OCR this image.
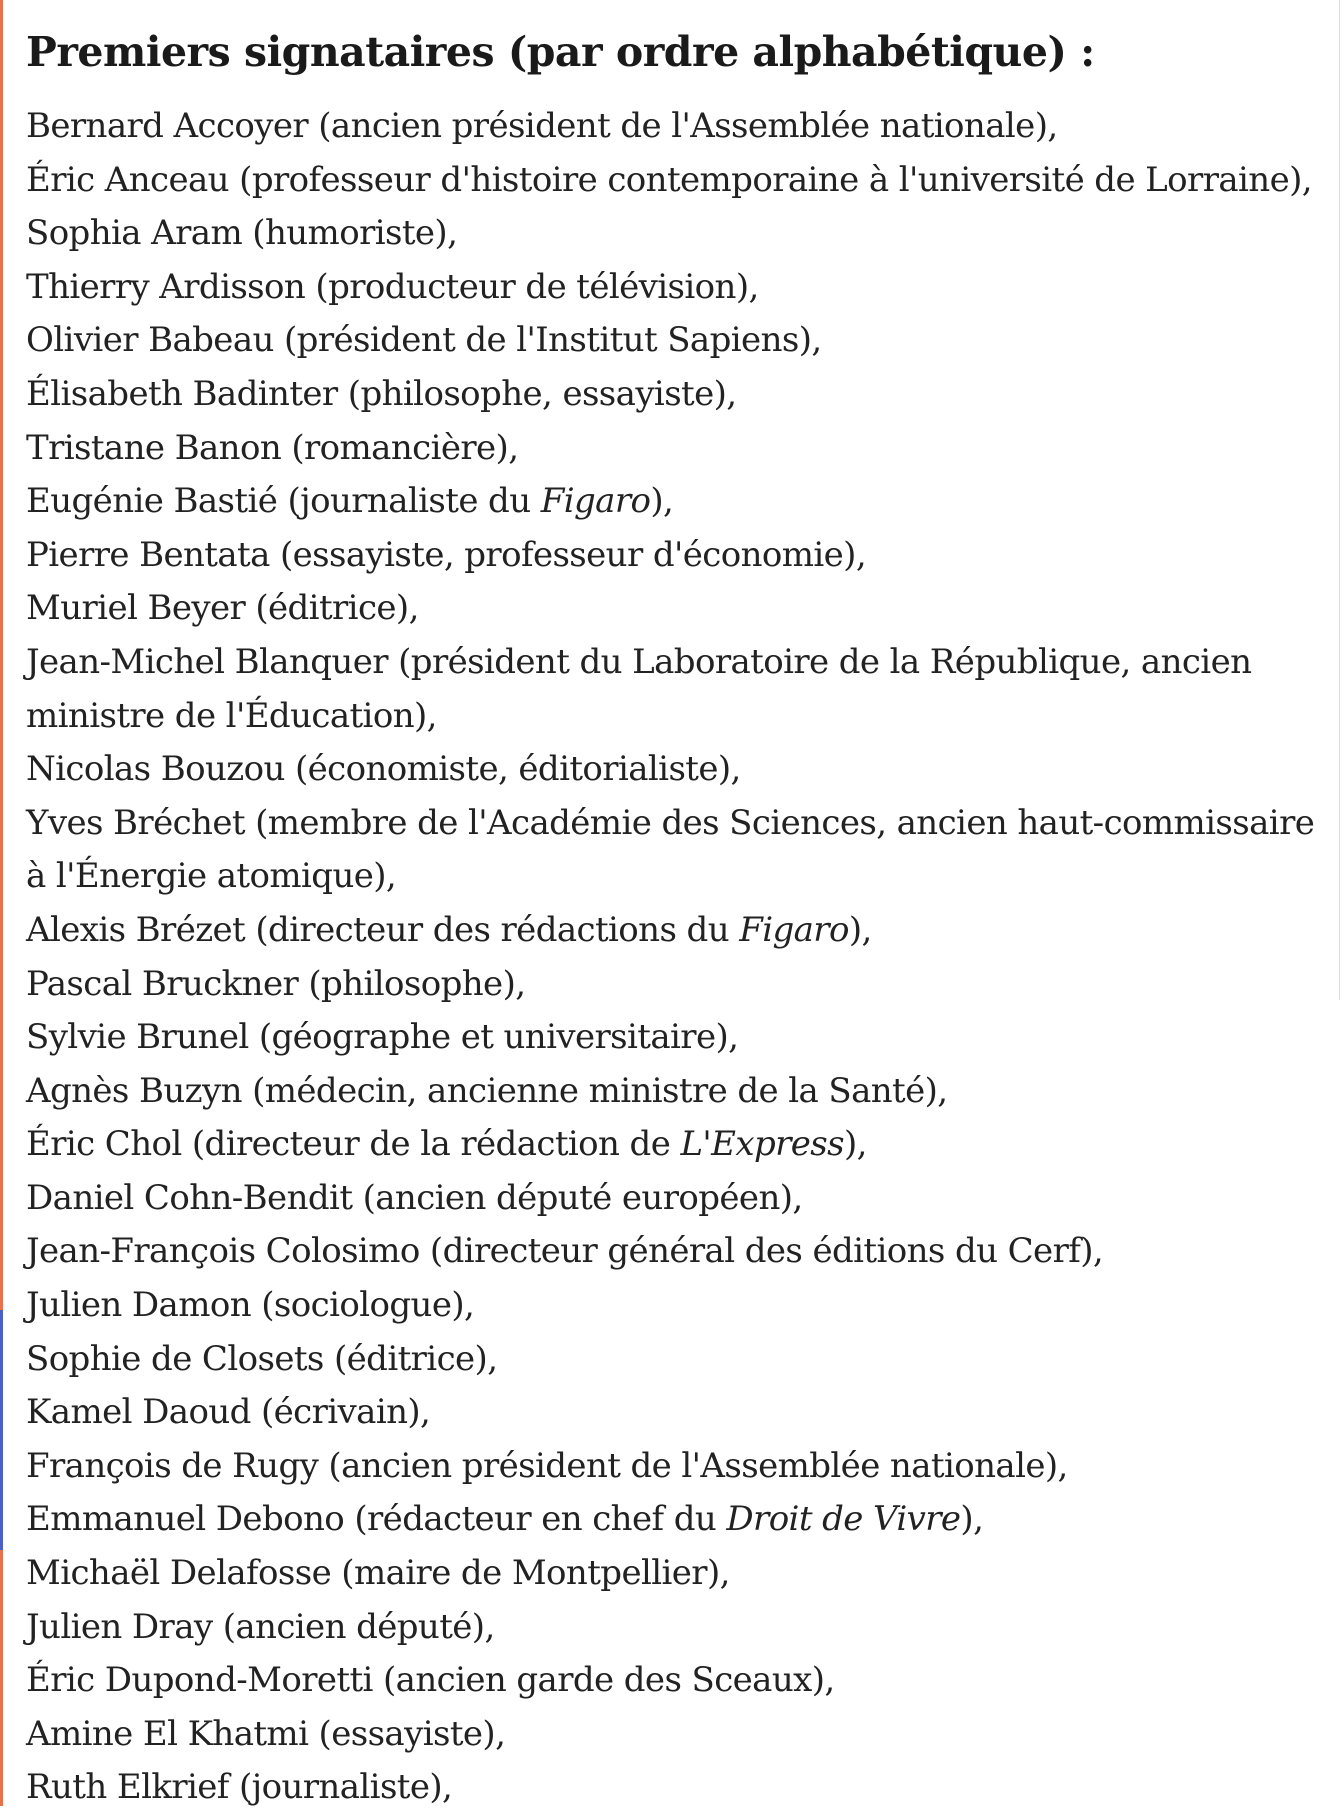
Premiers signataires (par ordre alphabétique) :
Bernard Accoyer (ancien président de l'Assemblée nationale),
Éric Anceau (professeur d'histoire contemporaine à l'université de Lorraine),
Sophia Aram (humoriste),
Thierry Ardisson (producteur de télévision),
Olivier Babeau (président de l'Institut Sapiens),
Élisabeth Badinter (philosophe, essayiste),
Tristane Banon (romancière),
Eugénie Bastié (journaliste du Figaro),
Pierre Bentata (essayiste, professeur d'économie),
Muriel Beyer (éditrice),
Jean-Michel Blanquer (président du Laboratoire de la République, ancien ministre de l'Éducation),
Nicolas Bouzou (économiste, éditorialiste),
Yves Bréchet (membre de l'Académie des Sciences, ancien haut-commissaire à l'Énergie atomique),
Alexis Brézet (directeur des rédactions du Figaro),
Pascal Bruckner (philosophe),
Sylvie Brunel (géographe et universitaire),
Agnès Buzyn (médecin, ancienne ministre de la Santé),
Éric Chol (directeur de la rédaction de L'Express),
Daniel Cohn-Bendit (ancien député européen),
Jean-François Colosimo (directeur général des éditions du Cerf),
Julien Damon (sociologue),
Sophie de Closets (éditrice),
Kamel Daoud (écrivain),
François de Rugy (ancien président de l'Assemblée nationale),
Emmanuel Debono (rédacteur en chef du Droit de Vivre),
Michaël Delafosse (maire de Montpellier),
Julien Dray (ancien député),
Éric Dupond-Moretti (ancien garde des Sceaux),
Amine El Khatmi (essayiste),
Ruth Elkrief (journaliste),
